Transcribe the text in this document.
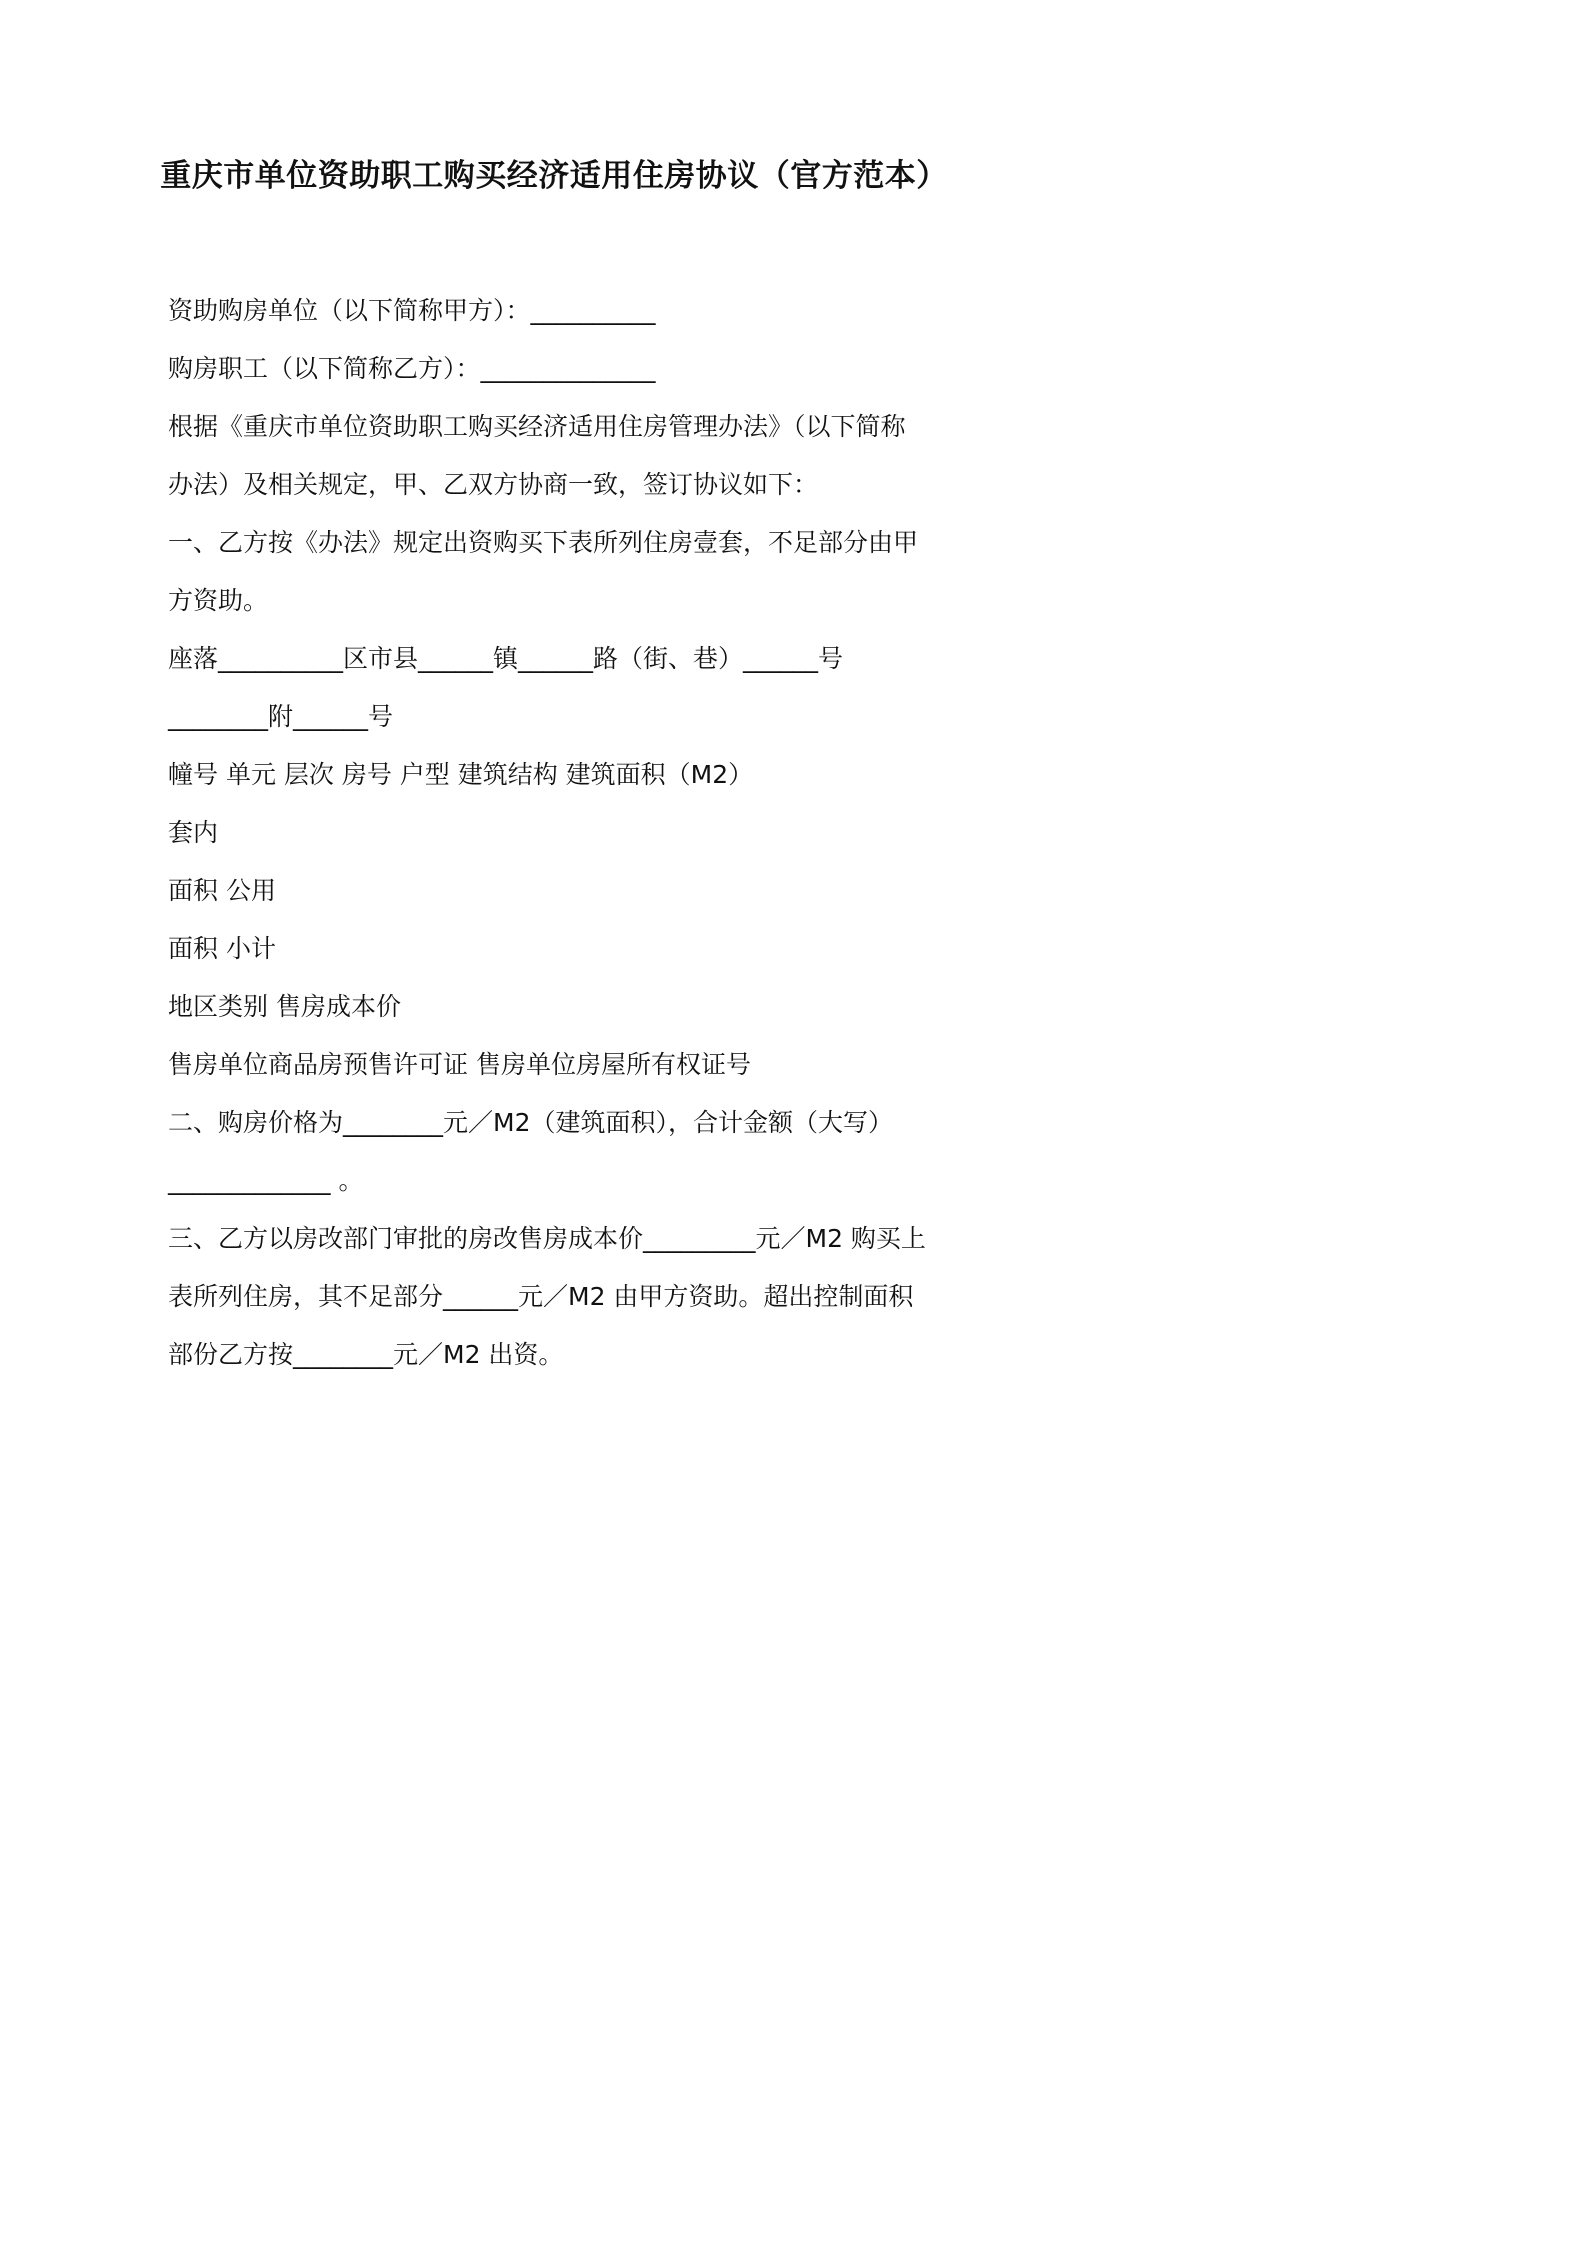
重庆市单位资助职工购买经济适用住房协议（官方范本）
资助购房单位（以下简称甲方）：__________
购房职工（以下简称乙方）：______________
根据《重庆市单位资助职工购买经济适用住房管理办法》（以下简称
办法）及相关规定，甲、乙双方协商一致，签订协议如下：
一、乙方按《办法》规定出资购买下表所列住房壹套，不足部分由甲
方资助。
座落__________区市县______镇______路（街、巷）______号
________附______号
幢号 单元 层次 房号 户型 建筑结构 建筑面积（M2）
套内
面积 公用
面积 小计
地区类别 售房成本价
售房单位商品房预售许可证 售房单位房屋所有权证号
二、购房价格为________元／M2（建筑面积），合计金额（大写）
_____________ 。
三、乙方以房改部门审批的房改售房成本价_________元／M2 购买上
表所列住房，其不足部分______元／M2 由甲方资助。超出控制面积
部份乙方按________元／M2 出资。
